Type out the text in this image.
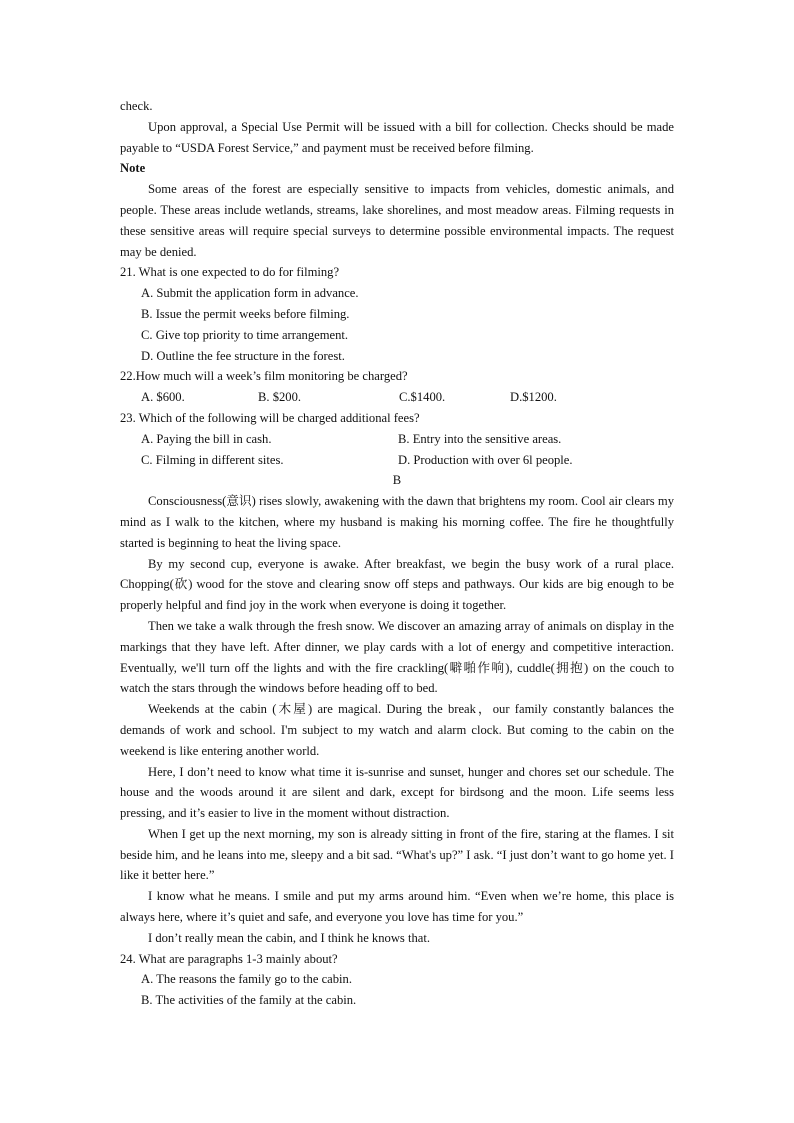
check.

Upon approval, a Special Use Permit will be issued with a bill for collection. Checks should be made payable to “USDA Forest Service,” and payment must be received before filming.

Note

Some areas of the forest are especially sensitive to impacts from vehicles, domestic animals, and people. These areas include wetlands, streams, lake shorelines, and most meadow areas. Filming requests in these sensitive areas will require special surveys to determine possible environmental impacts. The request may be denied.

21. What is one expected to do for filming?

A. Submit the application form in advance.

B. Issue the permit weeks before filming.

C. Give top priority to time arrangement.

D. Outline the fee structure in the forest.

22.How much will a week’s film monitoring be charged?

A. $600.	B. $200.	C.$1400.	D.$1200.

23. Which of the following will be charged additional fees?

A. Paying the bill in cash.	B. Entry into the sensitive areas.
C. Filming in different sites.	D. Production with over 6l people.

B

Consciousness(意识) rises slowly, awakening with the dawn that brightens my room. Cool air clears my mind as I walk to the kitchen, where my husband is making his morning coffee. The fire he thoughtfully started is beginning to heat the living space.

By my second cup, everyone is awake. After breakfast, we begin the busy work of a rural place. Chopping(砍) wood for the stove and clearing snow off steps and pathways. Our kids are big enough to be properly helpful and find joy in the work when everyone is doing it together.

Then we take a walk through the fresh snow. We discover an amazing array of animals on display in the markings that they have left. After dinner, we play cards with a lot of energy and competitive interaction. Eventually, we'll turn off the lights and with the fire crackling(噼啪作响), cuddle(拥抱) on the couch to watch the stars through the windows before heading off to bed.

Weekends at the cabin (木屋) are magical. During the break，our family constantly balances the demands of work and school. I'm subject to my watch and alarm clock. But coming to the cabin on the weekend is like entering another world.

Here, I don’t need to know what time it is-sunrise and sunset, hunger and chores set our schedule. The house and the woods around it are silent and dark, except for birdsong and the moon. Life seems less pressing, and it’s easier to live in the moment without distraction.

When I get up the next morning, my son is already sitting in front of the fire, staring at the flames. I sit beside him, and he leans into me, sleepy and a bit sad. “What's up?” I ask. “I just don’t want to go home yet. I like it better here.”

I know what he means. I smile and put my arms around him. “Even when we’re home, this place is always here, where it’s quiet and safe, and everyone you love has time for you.”

I don’t really mean the cabin, and I think he knows that.

24. What are paragraphs 1-3 mainly about?

A. The reasons the family go to the cabin.

B. The activities of the family at the cabin.
